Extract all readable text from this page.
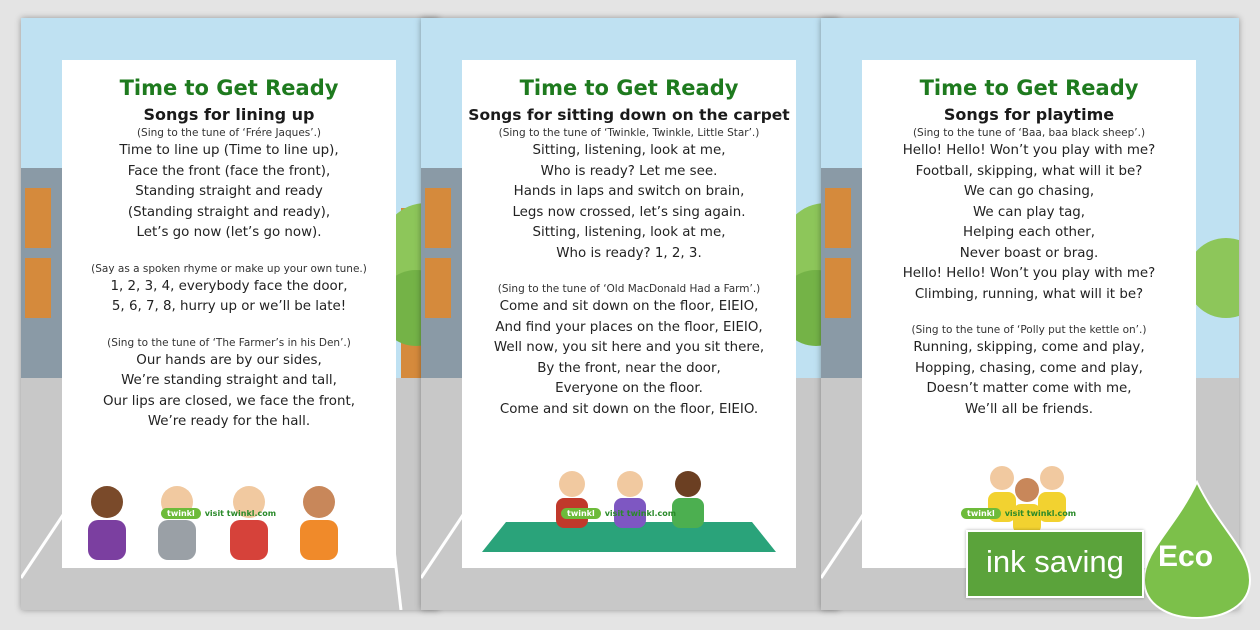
Time to Get Ready
Songs for lining up
(Sing to the tune of ‘Frére Jaques’.)
Time to line up (Time to line up),
Face the front (face the front),
Standing straight and ready
(Standing straight and ready),
Let’s go now (let’s go now).
(Say as a spoken rhyme or make up your own tune.)
1, 2, 3, 4, everybody face the door,
5, 6, 7, 8, hurry up or we’ll be late!
(Sing to the tune of ‘The Farmer’s in his Den’.)
Our hands are by our sides,
We’re standing straight and tall,
Our lips are closed, we face the front,
We’re ready for the hall.
twinkl visit twinkl.com
Time to Get Ready
Songs for sitting down on the carpet
(Sing to the tune of ‘Twinkle, Twinkle, Little Star’.)
Sitting, listening, look at me,
Who is ready? Let me see.
Hands in laps and switch on brain,
Legs now crossed, let’s sing again.
Sitting, listening, look at me,
Who is ready? 1, 2, 3.
(Sing to the tune of ‘Old MacDonald Had a Farm’.)
Come and sit down on the floor, EIEIO,
And find your places on the floor, EIEIO,
Well now, you sit here and you sit there,
By the front, near the door,
Everyone on the floor.
Come and sit down on the floor, EIEIO.
twinkl visit twinkl.com
Time to Get Ready
Songs for playtime
(Sing to the tune of ‘Baa, baa black sheep’.)
Hello! Hello! Won’t you play with me?
Football, skipping, what will it be?
We can go chasing,
We can play tag,
Helping each other,
Never boast or brag.
Hello! Hello! Won’t you play with me?
Climbing, running, what will it be?
(Sing to the tune of ‘Polly put the kettle on’.)
Running, skipping, come and play,
Hopping, chasing, come and play,
Doesn’t matter come with me,
We’ll all be friends.
twinkl visit twinkl.com
ink saving Eco
